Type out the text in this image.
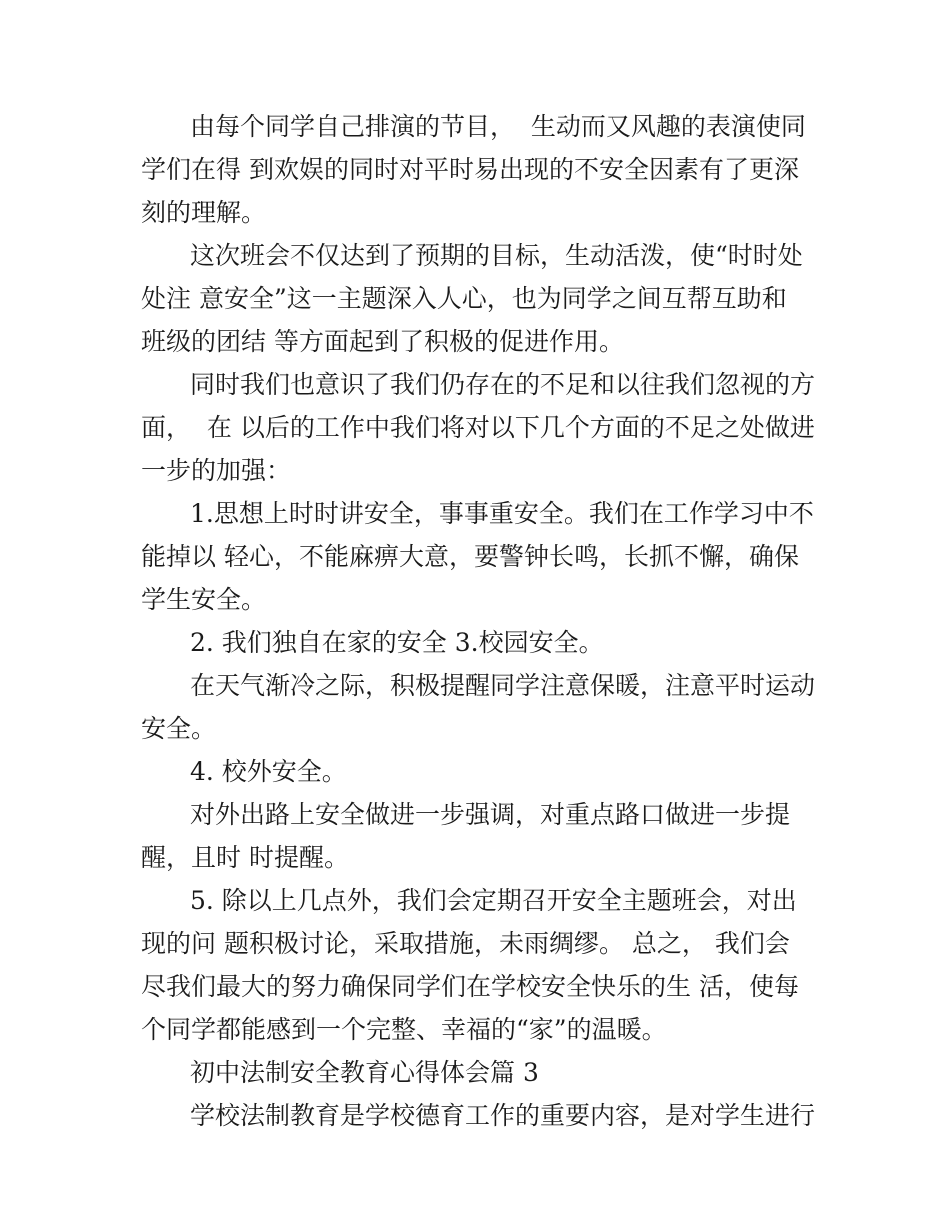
由每个同学自己排演的节目，  生动而又风趣的表演使同
学们在得 到欢娱的同时对平时易出现的不安全因素有了更深
刻的理解。
这次班会不仅达到了预期的目标，生动活泼，使“时时处
处注 意安全”这一主题深入人心，也为同学之间互帮互助和
班级的团结 等方面起到了积极的促进作用。
同时我们也意识了我们仍存在的不足和以往我们忽视的方
面，  在 以后的工作中我们将对以下几个方面的不足之处做进
一步的加强：
1.思想上时时讲安全，事事重安全。我们在工作学习中不
能掉以 轻心，不能麻痹大意，要警钟长鸣，长抓不懈，确保
学生安全。
2. 我们独自在家的安全 3.校园安全。
在天气渐冷之际，积极提醒同学注意保暖，注意平时运动
安全。
4. 校外安全。
对外出路上安全做进一步强调，对重点路口做进一步提
醒，且时 时提醒。
5. 除以上几点外，我们会定期召开安全主题班会，对出
现的问 题积极讨论，采取措施，未雨绸缪。 总之， 我们会
尽我们最大的努力确保同学们在学校安全快乐的生 活，使每
个同学都能感到一个完整、幸福的“家”的温暖。
初中法制安全教育心得体会篇 3
学校法制教育是学校德育工作的重要内容，是对学生进行
